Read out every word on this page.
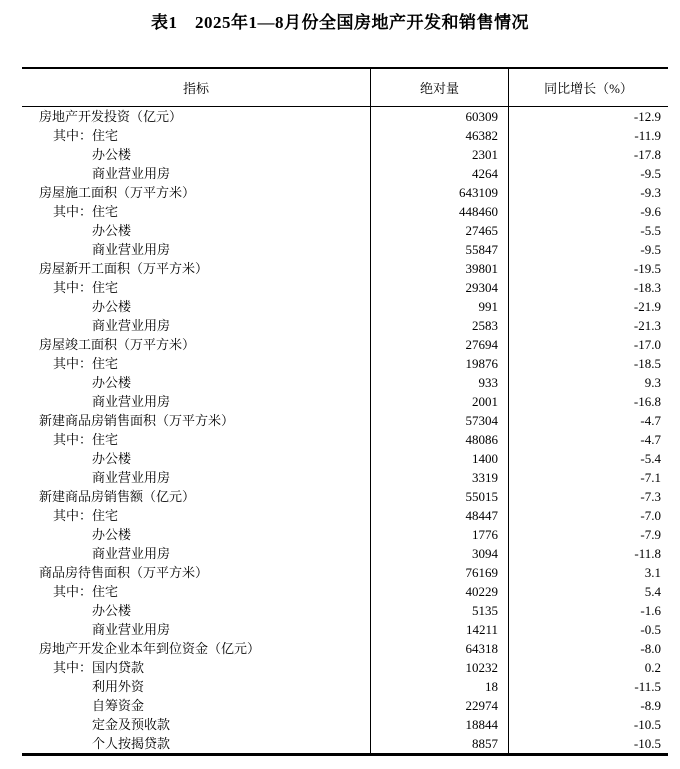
表1　2025年1—8月份全国房地产开发和销售情况
指标	绝对量	同比增长（%）
房地产开发投资（亿元）	60309	-12.9
其中：住宅	46382	-11.9
办公楼	2301	-17.8
商业营业用房	4264	-9.5
房屋施工面积（万平方米）	643109	-9.3
其中：住宅	448460	-9.6
办公楼	27465	-5.5
商业营业用房	55847	-9.5
房屋新开工面积（万平方米）	39801	-19.5
其中：住宅	29304	-18.3
办公楼	991	-21.9
商业营业用房	2583	-21.3
房屋竣工面积（万平方米）	27694	-17.0
其中：住宅	19876	-18.5
办公楼	933	9.3
商业营业用房	2001	-16.8
新建商品房销售面积（万平方米）	57304	-4.7
其中：住宅	48086	-4.7
办公楼	1400	-5.4
商业营业用房	3319	-7.1
新建商品房销售额（亿元）	55015	-7.3
其中：住宅	48447	-7.0
办公楼	1776	-7.9
商业营业用房	3094	-11.8
商品房待售面积（万平方米）	76169	3.1
其中：住宅	40229	5.4
办公楼	5135	-1.6
商业营业用房	14211	-0.5
房地产开发企业本年到位资金（亿元）	64318	-8.0
其中：国内贷款	10232	0.2
利用外资	18	-11.5
自筹资金	22974	-8.9
定金及预收款	18844	-10.5
个人按揭贷款	8857	-10.5
